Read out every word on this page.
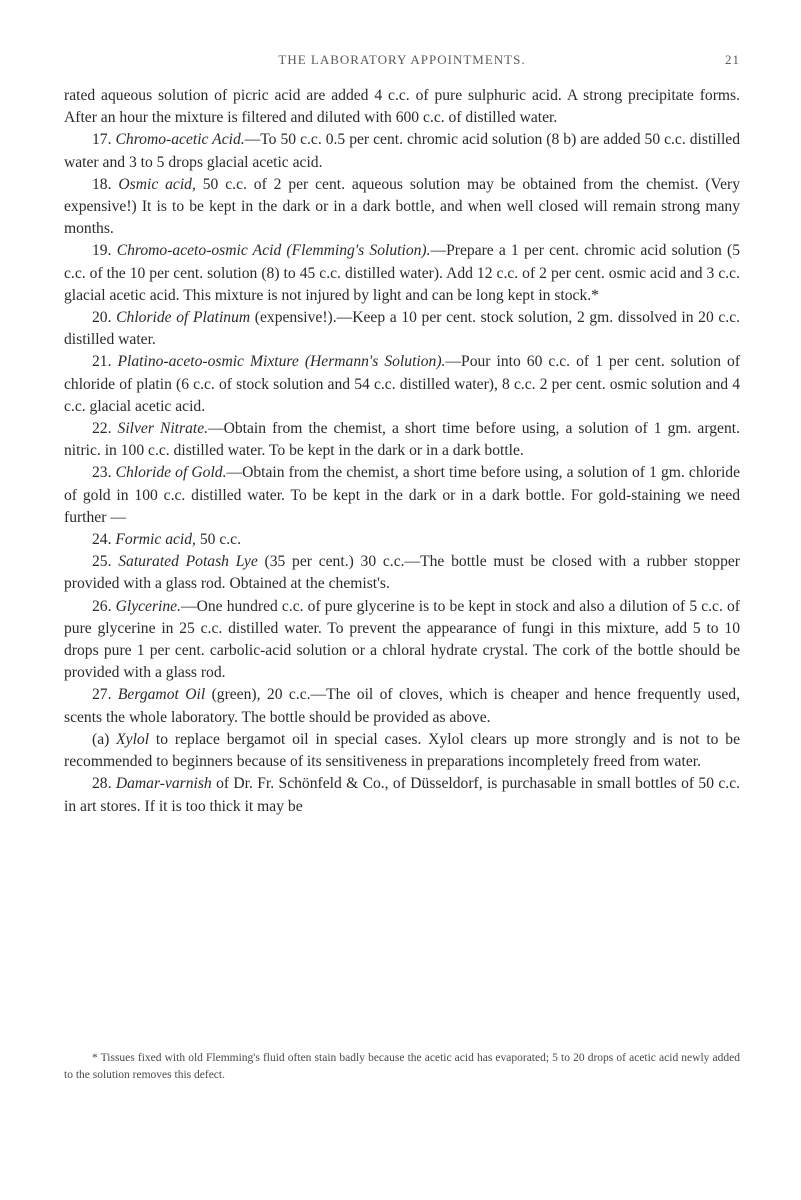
THE LABORATORY APPOINTMENTS.	21

rated aqueous solution of picric acid are added 4 c.c. of pure sulphuric acid. A strong precipitate forms. After an hour the mixture is filtered and diluted with 600 c.c. of distilled water.

17. Chromo-acetic Acid.—To 50 c.c. 0.5 per cent. chromic acid solution (8 b) are added 50 c.c. distilled water and 3 to 5 drops glacial acetic acid.

18. Osmic acid, 50 c.c. of 2 per cent. aqueous solution may be obtained from the chemist. (Very expensive!) It is to be kept in the dark or in a dark bottle, and when well closed will remain strong many months.

19. Chromo-aceto-osmic Acid (Flemming's Solution).—Prepare a 1 per cent. chromic acid solution (5 c.c. of the 10 per cent. solution (8) to 45 c.c. distilled water). Add 12 c.c. of 2 per cent. osmic acid and 3 c.c. glacial acetic acid. This mixture is not injured by light and can be long kept in stock.*

20. Chloride of Platinum (expensive!).—Keep a 10 per cent. stock solution, 2 gm. dissolved in 20 c.c. distilled water.

21. Platino-aceto-osmic Mixture (Hermann's Solution).—Pour into 60 c.c. of 1 per cent. solution of chloride of platin (6 c.c. of stock solution and 54 c.c. distilled water), 8 c.c. 2 per cent. osmic solution and 4 c.c. glacial acetic acid.

22. Silver Nitrate.—Obtain from the chemist, a short time before using, a solution of 1 gm. argent. nitric. in 100 c.c. distilled water. To be kept in the dark or in a dark bottle.

23. Chloride of Gold.—Obtain from the chemist, a short time before using, a solution of 1 gm. chloride of gold in 100 c.c. distilled water. To be kept in the dark or in a dark bottle. For gold-staining we need further —

24. Formic acid, 50 c.c.

25. Saturated Potash Lye (35 per cent.) 30 c.c.—The bottle must be closed with a rubber stopper provided with a glass rod. Obtained at the chemist's.

26. Glycerine.—One hundred c.c. of pure glycerine is to be kept in stock and also a dilution of 5 c.c. of pure glycerine in 25 c.c. distilled water. To prevent the appearance of fungi in this mixture, add 5 to 10 drops pure 1 per cent. carbolic-acid solution or a chloral hydrate crystal. The cork of the bottle should be provided with a glass rod.

27. Bergamot Oil (green), 20 c.c.—The oil of cloves, which is cheaper and hence frequently used, scents the whole laboratory. The bottle should be provided as above.

(a) Xylol to replace bergamot oil in special cases. Xylol clears up more strongly and is not to be recommended to beginners because of its sensitiveness in preparations incompletely freed from water.

28. Damar-varnish of Dr. Fr. Schönfeld & Co., of Düsseldorf, is purchasable in small bottles of 50 c.c. in art stores. If it is too thick it may be

* Tissues fixed with old Flemming's fluid often stain badly because the acetic acid has evaporated; 5 to 20 drops of acetic acid newly added to the solution removes this defect.
